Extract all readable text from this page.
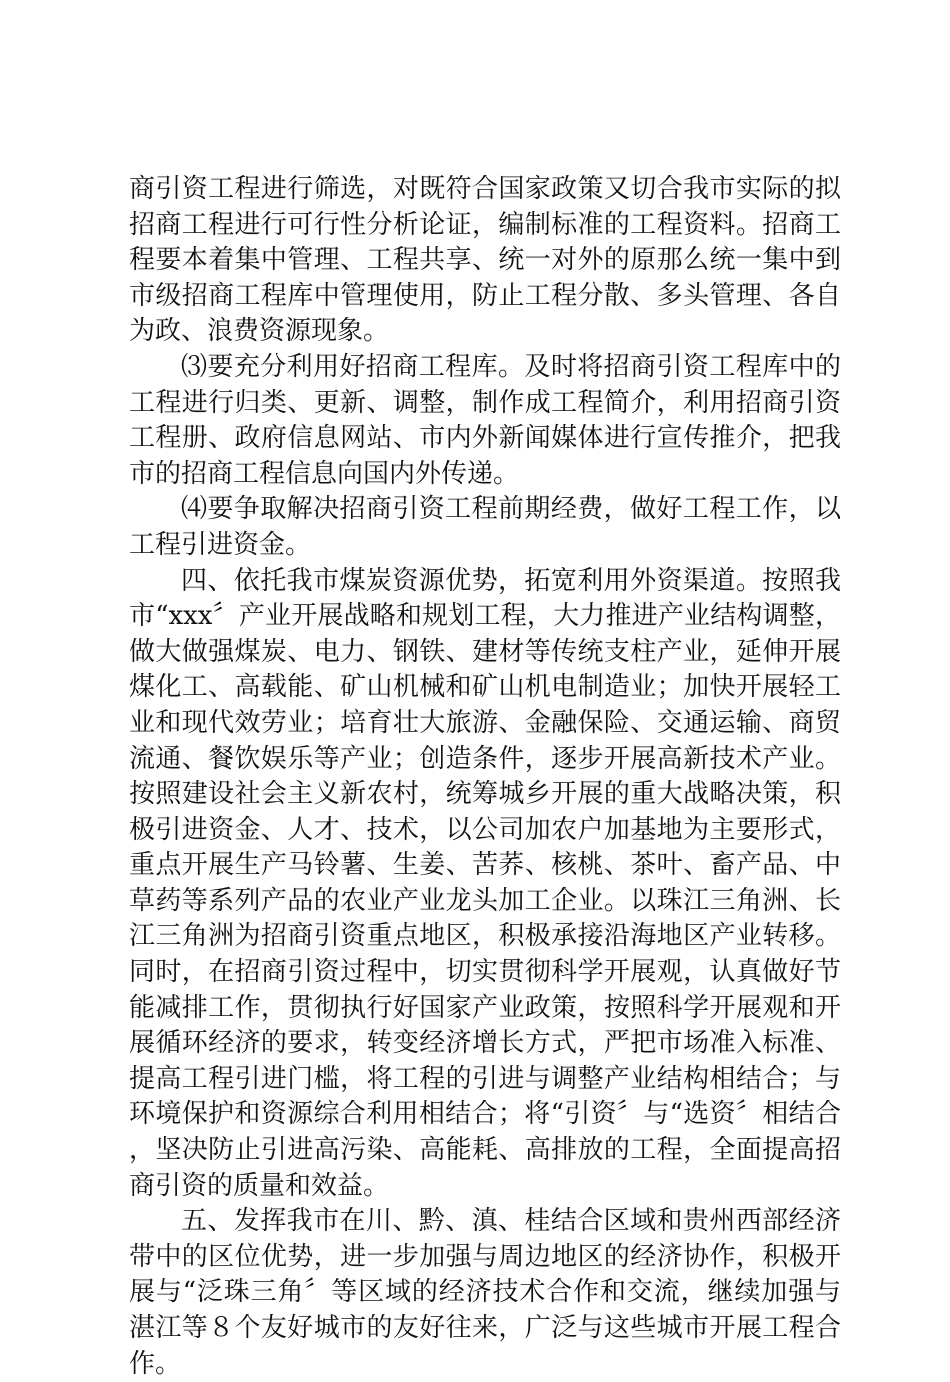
商引资工程进行筛选，对既符合国家政策又切合我市实际的拟招商工程进行可行性分析论证，编制标准的工程资料。招商工程要本着集中管理、工程共享、统一对外的原那么统一集中到市级招商工程库中管理使用，防止工程分散、多头管理、各自为政、浪费资源现象。

⑶要充分利用好招商工程库。及时将招商引资工程库中的工程进行归类、更新、调整，制作成工程简介，利用招商引资工程册、政府信息网站、市内外新闻媒体进行宣传推介，把我市的招商工程信息向国内外传递。

⑷要争取解决招商引资工程前期经费，做好工程工作，以工程引进资金。

四、依托我市煤炭资源优势，拓宽利用外资渠道。按照我市“xxx〞产业开展战略和规划工程，大力推进产业结构调整，做大做强煤炭、电力、钢铁、建材等传统支柱产业，延伸开展煤化工、高载能、矿山机械和矿山机电制造业；加快开展轻工业和现代效劳业；培育壮大旅游、金融保险、交通运输、商贸流通、餐饮娱乐等产业；创造条件，逐步开展高新技术产业。按照建设社会主义新农村，统筹城乡开展的重大战略决策，积极引进资金、人才、技术，以公司加农户加基地为主要形式，重点开展生产马铃薯、生姜、苦荞、核桃、茶叶、畜产品、中草药等系列产品的农业产业龙头加工企业。以珠江三角洲、长江三角洲为招商引资重点地区，积极承接沿海地区产业转移。同时，在招商引资过程中，切实贯彻科学开展观，认真做好节能减排工作，贯彻执行好国家产业政策，按照科学开展观和开展循环经济的要求，转变经济增长方式，严把市场准入标准、提高工程引进门槛，将工程的引进与调整产业结构相结合；与环境保护和资源综合利用相结合；将“引资〞与“选资〞相结合，坚决防止引进高污染、高能耗、高排放的工程，全面提高招商引资的质量和效益。

五、发挥我市在川、黔、滇、桂结合区域和贵州西部经济带中的区位优势，进一步加强与周边地区的经济协作，积极开展与“泛珠三角〞等区域的经济技术合作和交流，继续加强与湛江等８个友好城市的友好往来，广泛与这些城市开展工程合作。
